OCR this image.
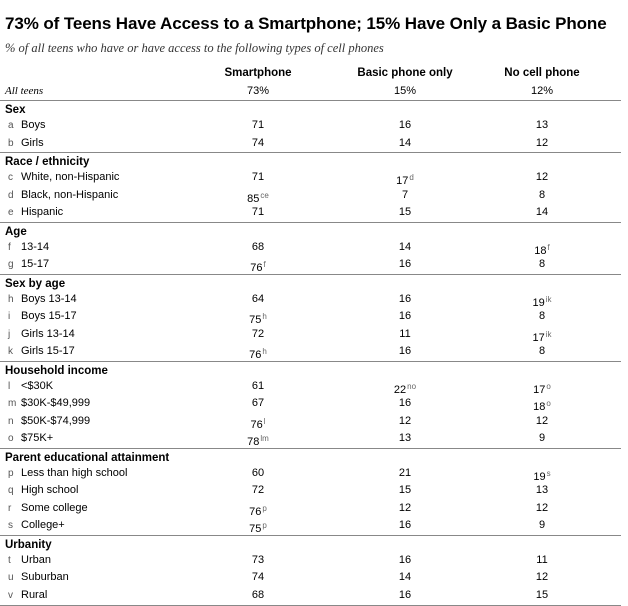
73% of Teens Have Access to a Smartphone; 15% Have Only a Basic Phone
% of all teens who have or have access to the following types of cell phones
Smartphone	Basic phone only	No cell phone
All teens	73%	15%	12%
Sex
a Boys	71	16	13
b Girls	74	14	12
Race / ethnicity
c White, non-Hispanic	71	17$^d$	12
d Black, non-Hispanic	$85^{ce}$	7	8
e Hispanic	71	15	14
Age
f 13-14	68	14	18$^f$
g 15-17	76$^f$	16	8
Sex by age
h Boys 13-14	64	16	$19^{ik}$
i Boys 15-17	75$^h$	16	8
j Girls 13-14	72	11	$17^{ik}$
k Girls 15-17	76$^h$	16	8
Household income
l <$30K	61	$22^{no}$	17$^o$
m $30K-$49,999	67	16	18$^o$
n $50K-$74,999	76$^l$	12	12
o $75K+	$78^{lm}$	13	9
Parent educational attainment
p Less than high school	60	21	19$^s$
q High school	72	15	13
r Some college	76$^p$	12	12
s College+	$75^p$	16	9
Urbanity
t Urban	73	16	11
u Suburban	74	14	12
v Rural	68	16	15
